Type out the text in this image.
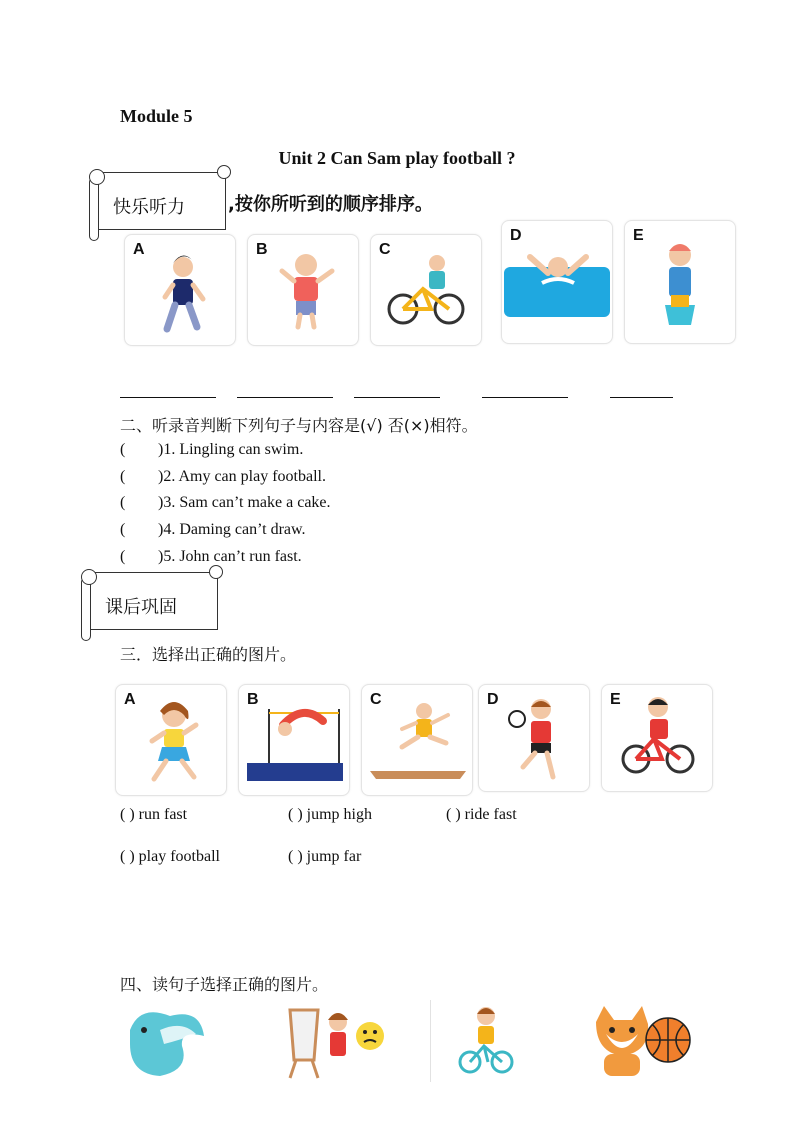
Module 5
Unit 2 Can Sam play football ?
快乐听力 ,按你所听到的顺序排序。
A	B	C
D	E
二、听录音判断下列句子与内容是(√) 否(×)相符。
( )1. Lingling can swim.
( )2. Amy can play football.
( )3. Sam can’t make a cake.
( )4. Daming can’t draw.
( )5. John can’t run fast.
课后巩固
三．选择出正确的图片。
A	B	C	D	E
( ) run fast	( ) jump high	( ) ride fast
( ) play football	( ) jump far
四、读句子选择正确的图片。
